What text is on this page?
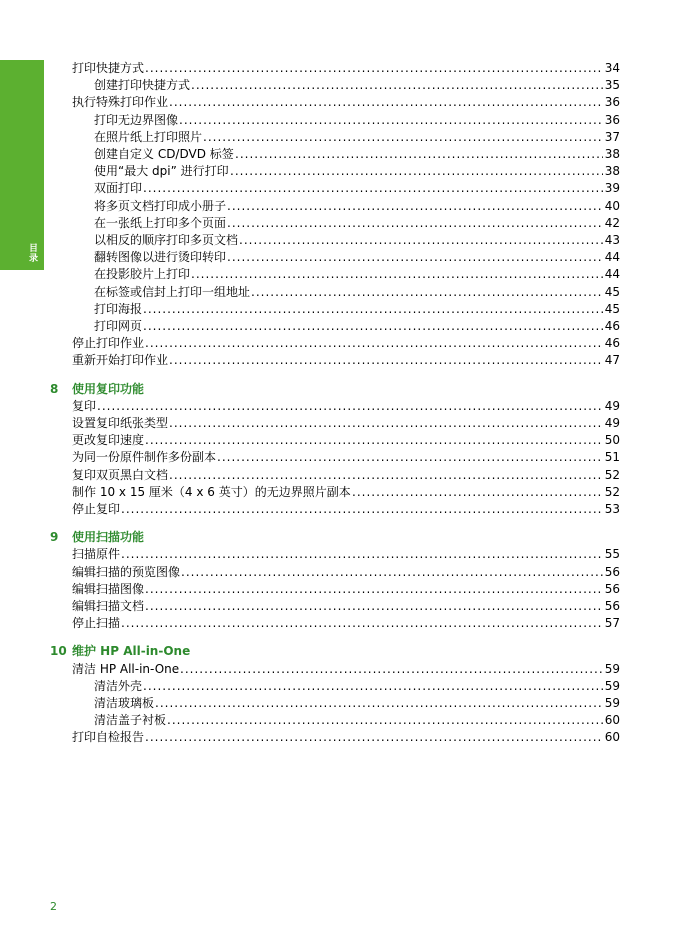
目录
打印快捷方式 .....	34
创建打印快捷方式 .....	35
执行特殊打印作业 .....	36
打印无边界图像 .....	36
在照片纸上打印照片 .....	37
创建自定义 CD/DVD 标签 .....	38
使用“最大 dpi” 进行打印 .....	38
双面打印 .....	39
将多页文档打印成小册子 .....	40
在一张纸上打印多个页面 .....	42
以相反的顺序打印多页文档 .....	43
翻转图像以进行烫印转印 .....	44
在投影胶片上打印 .....	44
在标签或信封上打印一组地址 .....	45
打印海报 .....	45
打印网页 .....	46
停止打印作业 .....	46
重新开始打印作业 .....	47
8 使用复印功能
复印 .....	49
设置复印纸张类型 .....	49
更改复印速度 .....	50
为同一份原件制作多份副本 .....	51
复印双页黑白文档 .....	52
制作 10 x 15 厘米（4 x 6 英寸）的无边界照片副本 .....	52
停止复印 .....	53
9 使用扫描功能
扫描原件 .....	55
编辑扫描的预览图像 .....	56
编辑扫描图像 .....	56
编辑扫描文档 .....	56
停止扫描 .....	57
10 维护 HP All-in-One
清洁 HP All-in-One .....	59
清洁外壳 .....	59
清洁玻璃板 .....	59
清洁盖子衬板 .....	60
打印自检报告 .....	60
2
